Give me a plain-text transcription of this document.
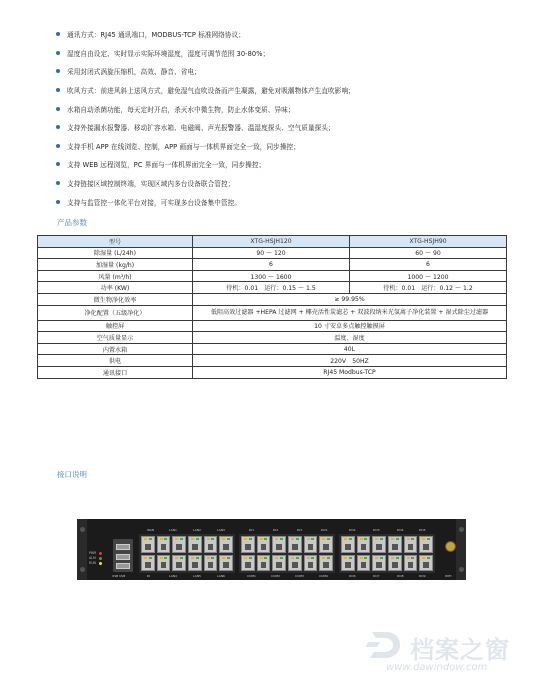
通讯方式：RJ45 通讯端口，MODBUS-TCP 标准网络协议；
湿度自由设定、实时显示实际环境湿度，湿度可调节范围 30-80%；
采用封闭式涡旋压缩机，高效、静音、省电；
吹风方式：前进风斜上送风方式，避免湿气直吹设备而产生凝露，避免对吸潮物体产生直吹影响；
水箱自动杀菌功能，每天定时开启，杀灭水中微生物，防止水体变质、异味；
支持外接漏水报警器、移动扩容水箱、电磁阀、声光报警器、温湿度探头、空气质量探头；
支持手机 APP 在线浏览、控制，APP 画面与一体机界面完全一致，同步操控；
支持 WEB 远程浏览，PC 界面与一体机界面完全一致，同步操控；
支持链接区域控制终端，实现区域内多台设备联合管控；
支持与监管控一体化平台对接，可实现多台设备集中管控。
产品参数
型号	XTG-HSJH120	XTG-HSJH90
除湿量 (L/24h)	90 ～ 120	60 ～ 90
加湿量 (kg/h)	6	6
风量 (m³/h)	1300 ～ 1600	1000 ～ 1200
功率 (KW)	待机：0.01　运行：0.15 ～ 1.5	待机：0.01　运行：0.12 ～ 1.2
微生物净化效率	≥ 99.95%	
净化配置（五级净化）	低阻高效过滤器 +HEPA 过滤网 + 椰壳活性炭滤芯 + 双波段纳米光氢离子净化装置 + 湿式除尘过滤器	
触控屏	10 寸安卓多点触控触摸屏	
空气质量显示	温度、湿度	
内置水箱	40L	
供电	220V　50HZ	
通讯接口	RJ45 Modbus-TCP	
接口说明
PWR
ALM
RUN
USB USB
WAN	LAN1	LAN2	LAN3	DI1	DI2	DI3	DO1	DO2	DO3	DO4	DO5
DI	LAN4	LAN5	LAN6	COM1	COM2	COM3	COM4	DO6	DO7	DO8	DO9	WIFI
档案之窗
www.dawindow.com
